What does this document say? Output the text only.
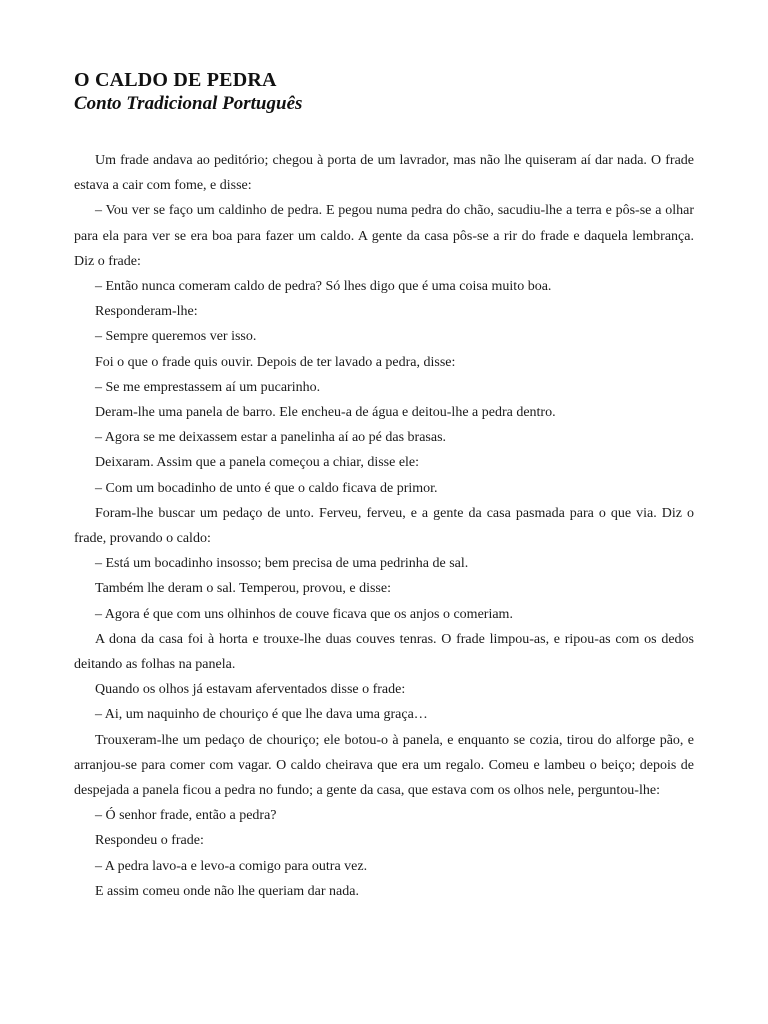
O CALDO DE PEDRA
Conto Tradicional Português

Um frade andava ao peditório; chegou à porta de um lavrador, mas não lhe quiseram aí dar nada. O frade estava a cair com fome, e disse:

– Vou ver se faço um caldinho de pedra. E pegou numa pedra do chão, sacudiu-lhe a terra e pôs-se a olhar para ela para ver se era boa para fazer um caldo. A gente da casa pôs-se a rir do frade e daquela lembrança. Diz o frade:

– Então nunca comeram caldo de pedra? Só lhes digo que é uma coisa muito boa.

Responderam-lhe:

– Sempre queremos ver isso.

Foi o que o frade quis ouvir. Depois de ter lavado a pedra, disse:

– Se me emprestassem aí um pucarinho.

Deram-lhe uma panela de barro. Ele encheu-a de água e deitou-lhe a pedra dentro.

– Agora se me deixassem estar a panelinha aí ao pé das brasas.

Deixaram. Assim que a panela começou a chiar, disse ele:

– Com um bocadinho de unto é que o caldo ficava de primor.

Foram-lhe buscar um pedaço de unto. Ferveu, ferveu, e a gente da casa pasmada para o que via. Diz o frade, provando o caldo:

– Está um bocadinho insosso; bem precisa de uma pedrinha de sal.

Também lhe deram o sal. Temperou, provou, e disse:

– Agora é que com uns olhinhos de couve ficava que os anjos o comeriam.

A dona da casa foi à horta e trouxe-lhe duas couves tenras. O frade limpou-as, e ripou-as com os dedos deitando as folhas na panela.

Quando os olhos já estavam aferventados disse o frade:

– Ai, um naquinho de chouriço é que lhe dava uma graça…

Trouxeram-lhe um pedaço de chouriço; ele botou-o à panela, e enquanto se cozia, tirou do alforge pão, e arranjou-se para comer com vagar. O caldo cheirava que era um regalo. Comeu e lambeu o beiço; depois de despejada a panela ficou a pedra no fundo; a gente da casa, que estava com os olhos nele, perguntou-lhe:

– Ó senhor frade, então a pedra?

Respondeu o frade:

– A pedra lavo-a e levo-a comigo para outra vez.

E assim comeu onde não lhe queriam dar nada.
